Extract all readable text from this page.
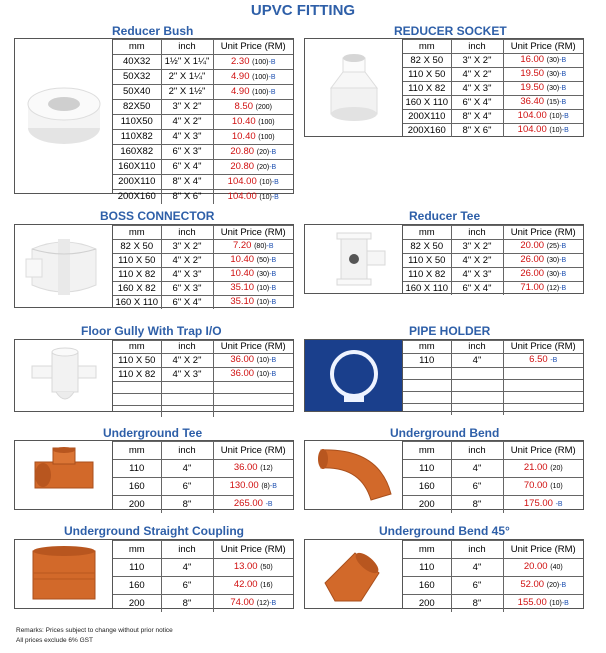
UPVC FITTING
Reducer Bush
mm	inch	Unit Price (RM)
40X32	1½" X 1¼"	2.30 (100)-B
50X32	2" X 1¼"	4.90 (100)-B
50X40	2" X 1½"	4.90 (100)-B
82X50	3" X 2"	8.50 (200)
110X50	4" X 2"	10.40 (100)
110X82	4" X 3"	10.40 (100)
160X82	6" X 3"	20.80 (20)-B
160X110	6" X 4"	20.80 (20)-B
200X110	8" X 4"	104.00 (10)-B
200X160	8" X 6"	104.00 (10)-B
REDUCER SOCKET
mm	inch	Unit Price (RM)
82 X 50	3" X 2"	16.00 (30)-B
110 X 50	4" X 2"	19.50 (30)-B
110 X 82	4" X 3"	19.50 (30)-B
160 X 110	6" X 4"	36.40 (15)-B
200X110	8" X 4"	104.00 (10)-B
200X160	8" X 6"	104.00 (10)-B
BOSS CONNECTOR
mm	inch	Unit Price (RM)
82 X 50	3" X 2"	7.20 (80)-B
110 X 50	4" X 2"	10.40 (50)-B
110 X 82	4" X 3"	10.40 (30)-B
160 X 82	6" X 3"	35.10 (10)-B
160 X 110	6" X 4"	35.10 (10)-B
Reducer Tee
mm	inch	Unit Price (RM)
82 X 50	3" X 2"	20.00 (25)-B
110 X 50	4" X 2"	26.00 (30)-B
110 X 82	4" X 3"	26.00 (30)-B
160 X 110	6" X 4"	71.00 (12)-B
Floor Gully With Trap I/O
mm	inch	Unit Price (RM)
110 X 50	4" X 2"	36.00 (10)-B
110 X 82	4" X 3"	36.00 (10)-B

PIPE HOLDER
mm	inch	Unit Price (RM)
110	4"	6.50 -B

Underground Tee
mm	inch	Unit Price (RM)
110	4"	36.00 (12)
160	6"	130.00 (8)-B
200	8"	265.00 -B
Underground Bend
mm	inch	Unit Price (RM)
110	4"	21.00 (20)
160	6"	70.00 (10)
200	8"	175.00 -B
Underground Straight Coupling
mm	inch	Unit Price (RM)
110	4"	13.00 (50)
160	6"	42.00 (16)
200	8"	74.00 (12)-B
Underground Bend 45°
mm	inch	Unit Price (RM)
110	4"	20.00 (40)
160	6"	52.00 (20)-B
200	8"	155.00 (10)-B
Remarks: Prices subject to change without prior notice
All prices exclude 6% GST
